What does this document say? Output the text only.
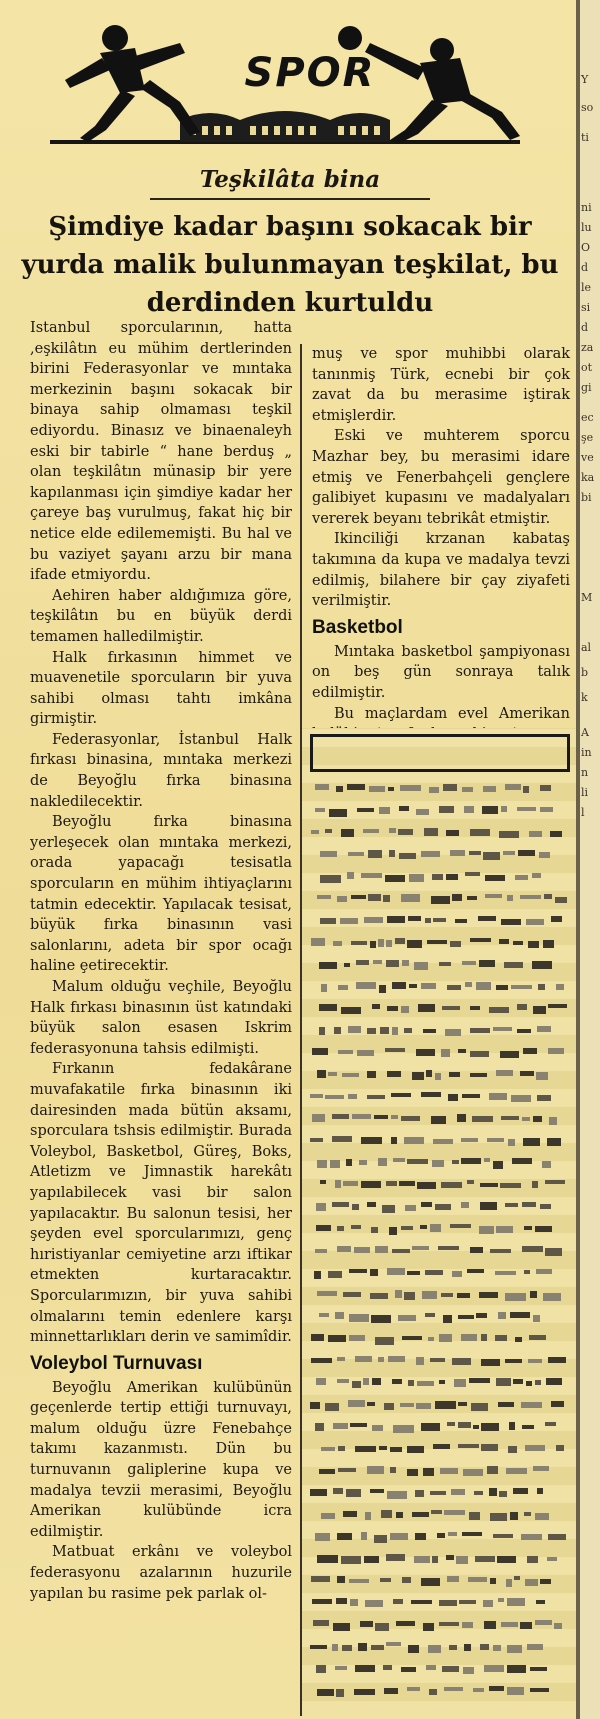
SPOR
Teşkilâta bina
Şimdiye kadar başını sokacak bir yurda malik bulunmayan teşkilat, bu derdinden kurtuldu

Istanbul sporcularının, hatta ,eşkilâtın eu mühim dertlerinden birini Federasyonlar ve mıntaka merkezinin başını sokacak bir binaya sahip olmaması teşkil ediyordu. Binasız ve binaenaleyh eski bir tabirle “ hane berduş „ olan teşkilâtın münasip bir yere kapılanması için şimdiye kadar her çareye baş vurulmuş, fakat hiç bir netice elde edilememişti. Bu hal ve bu vaziyet şayanı arzu bir mana ifade etmiyordu.

Aehiren haber aldığımıza göre, teşkilâtın bu en büyük derdi temamen halledilmiştir.

Halk fırkasının himmet ve muavenetile sporcuların bir yuva sahibi olması tahtı imkâna girmiştir.

Federasyonlar, İstanbul Halk fırkası binasina, mıntaka merkezi de Beyoğlu fırka binasına nakledilecektir.

Beyoğlu fırka binasına yerleşecek olan mıntaka merkezi, orada yapacağı tesisatla sporcuların en mühim ihtiyaçlarını tatmin edecektir. Yapılacak tesisat, büyük fırka binasının vasi salonlarını, adeta bir spor ocağı haline ȩetirecektir.

Malum olduğu veçhile, Beyoğlu Halk fırkası binasının üst katındaki büyük salon esasen Iskrim federasyonuna tahsis edilmişti.

Fırkanın fedakârane muvafakatile fırka binasının iki dairesinden mada bütün aksamı, sporculara tshsis edilmiştir. Burada Voleybol, Basketbol, Güreş, Boks, Atletizm ve Jimnastik harekâtı yapılabilecek vasi bir salon yapılacaktır. Bu salonun tesisi, her şeyden evel sporcularımızı, genç hıristiyanlar cemiyetine arzı iftikar etmekten kurtaracaktır. Sporcularımızın, bir yuva sahibi olmalarını temin edenlere karşı minnettarlıkları derin ve samimîdir.

Voleybol Turnuvası

Beyoğlu Amerikan kulübünün geçenlerde tertip ettiği turnuvayı, malum olduğu üzre Fenebahçe takımı kazanmıstı. Dün bu turnuvanın galiplerine kupa ve madalya tevzii merasimi, Beyoğlu Amerikan kulübünde icra edilmiştir.

Matbuat erkânı ve voleybol federasyonu azalarının huzurile yapılan bu rasime pek parlak ol-

muş ve spor muhibbi olarak tanınmiş Türk, ecnebi bir çok zavat da bu merasime iştirak etmişlerdir.

Eski ve muhterem sporcu Mazhar bey, bu merasimi idare etmiş ve Fenerbahçeli gençlere galibiyet kupasını ve madalyaları vererek beyanı tebrikât etmiştir.

Ikinciliği krzanan kabataş takımına da kupa ve madalya tevzi edilmiş, bilahere bir çay ziyafeti verilmiştir.

Basketbol

Mıntaka basketbol şampiyonası on beş gün sonraya talık edilmiştir.

Bu maçlardam evel Amerikan

Y
so
ti
ni
lu
O
d
le
si
d
za
ot
gi
ec
şe
ve
ka
bi
M
al
b
k
A
in
n
li
l
